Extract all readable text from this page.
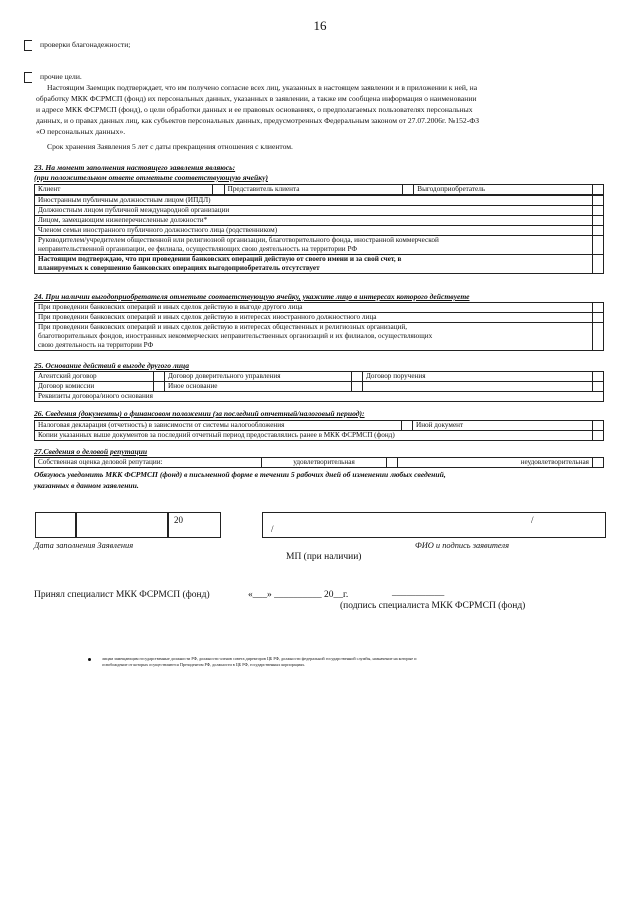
16
проверки благонадежности;
прочие цели.
Настоящим Заемщик подтверждает, что им получено согласие всех лиц, указанных в настоящем заявлении и в приложении к ней, на
обработку МКК ФСРМСП (фонд) их персональных данных, указанных в заявлении, а также им сообщена информация о наименовании
и адресе МКК ФСРМСП (фонд), о цели обработки данных и ее правовых основаниях, о предполагаемых пользователях персональных
данных, и о правах данных лиц, как субъектов персональных данных, предусмотренных Федеральным законом от 27.07.2006г. №152-ФЗ
«О персональных данных».
Срок хранения Заявления 5 лет с даты прекращения отношения с клиентом.
23. На момент заполнения настоящего заявления являюсь:
(при положительном ответе отметьте соответствующую ячейку)
Клиент		Представитель клиента		Выгодоприобретатель	
Иностранным публичным должностным лицом (ИПДЛ)	
Должностным лицом публичной международной организации	
Лицом, замещающим нижеперечисленные должности*	
Членом семьи иностранного публичного должностного лица (родственником)	
Руководителем/учредителем общественной или религиозной организации, благотворительного фонда, иностранной коммерческой
неправительственной организации, ее филиала, осуществляющих свою деятельность на территории РФ	
Настоящим подтверждаю, что при проведении банковских операций действую от своего имени и за свой счет, в
планируемых к совершению банковских операциях выгодоприобретатель отсутствует	
24. При наличии выгодоприобретателя отметьте соответствующую ячейку, укажите лицо в интересах которого действуете
При проведении банковских операций и иных сделок действую в выгоде другого лица	
При проведении банковских операций и иных сделок действую в интересах иностранного должностного лица	
При проведении банковских операций и иных сделок действую в интересах общественных и религиозных организаций,
благотворительных фондов, иностранных некоммерческих неправительственных организаций и их филиалов, осуществляющих
свою деятельность на территории РФ	
25. Основание действий в выгоде другого лица
Агентский договор		Договор доверительного управления		Договор поручения	
Договор комиссии		Иное основание			
Реквизиты договора/иного основания					
26. Сведения (документы) о финансовом положении (за последний отчетный/налоговый период):
Налоговая декларация (отчетность) в зависимости от системы налогообложения		Иной документ	
Копии указанных выше документов за последний отчетный период предоставлялись ранее в МКК ФСРМСП (фонд)			
27.Сведения о деловой репутации
Собственная оценка деловой репутации:	удовлетворительная		неудовлетворительная	
Обязуюсь уведомить МКК ФСРМСП (фонд) в письменной форме в течении 5 рабочих дней об изменении любых сведений,
указанных в данном заявлении.
20
/
/
Дата заполнения Заявления	ФИО и подпись заявителя
МП (при наличии)
Принял специалист МКК ФСРМСП (фонд)	«___» __________ 20__г.	___________
(подпись специалиста МКК ФСРМСП (фонд)
лицам замещающим государственные должности РФ, должности членов совета директоров ЦБ РФ, должности федеральной государственной службы, назначение на которые и
освобождение от которых осуществляются Президентом РФ, должности в ЦБ РФ, государственных корпорациях.
